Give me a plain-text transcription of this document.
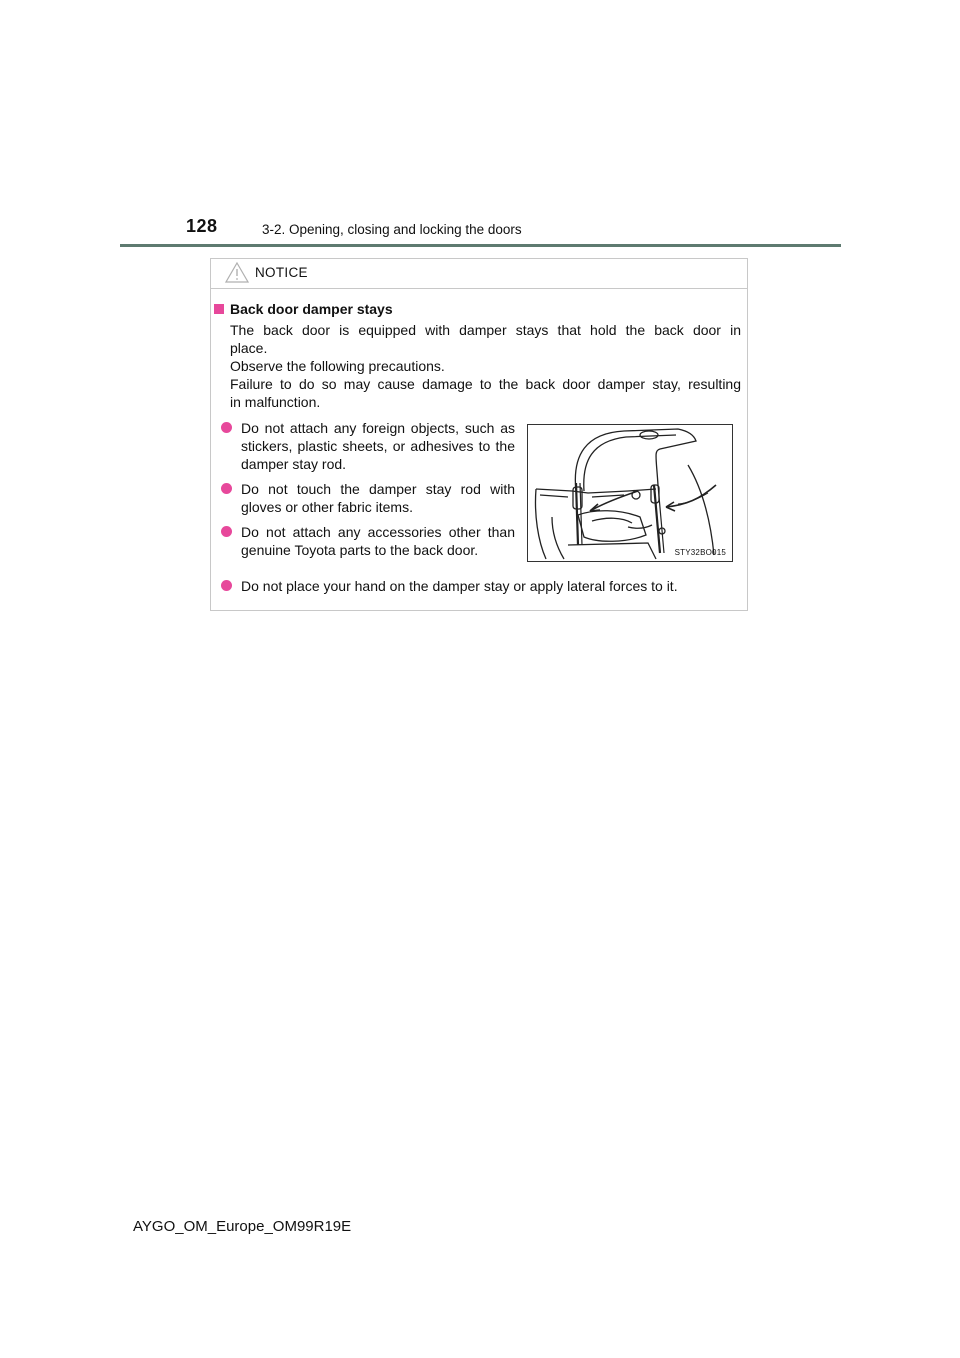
128	3-2. Opening, closing and locking the doors
NOTICE
Back door damper stays

The back door is equipped with damper stays that hold the back door in

place.

Observe the following precautions.

Failure to do so may cause damage to the back door damper stay, resulting

in malfunction.

Do not attach any foreign objects, such as stickers, plastic sheets, or adhesives to the damper stay rod.
Do not touch the damper stay rod with gloves or other fabric items.
Do not attach any accessories other than genuine Toyota parts to the back door.	STY32BO015
Do not place your hand on the damper stay or apply lateral forces to it.
AYGO_OM_Europe_OM99R19E
